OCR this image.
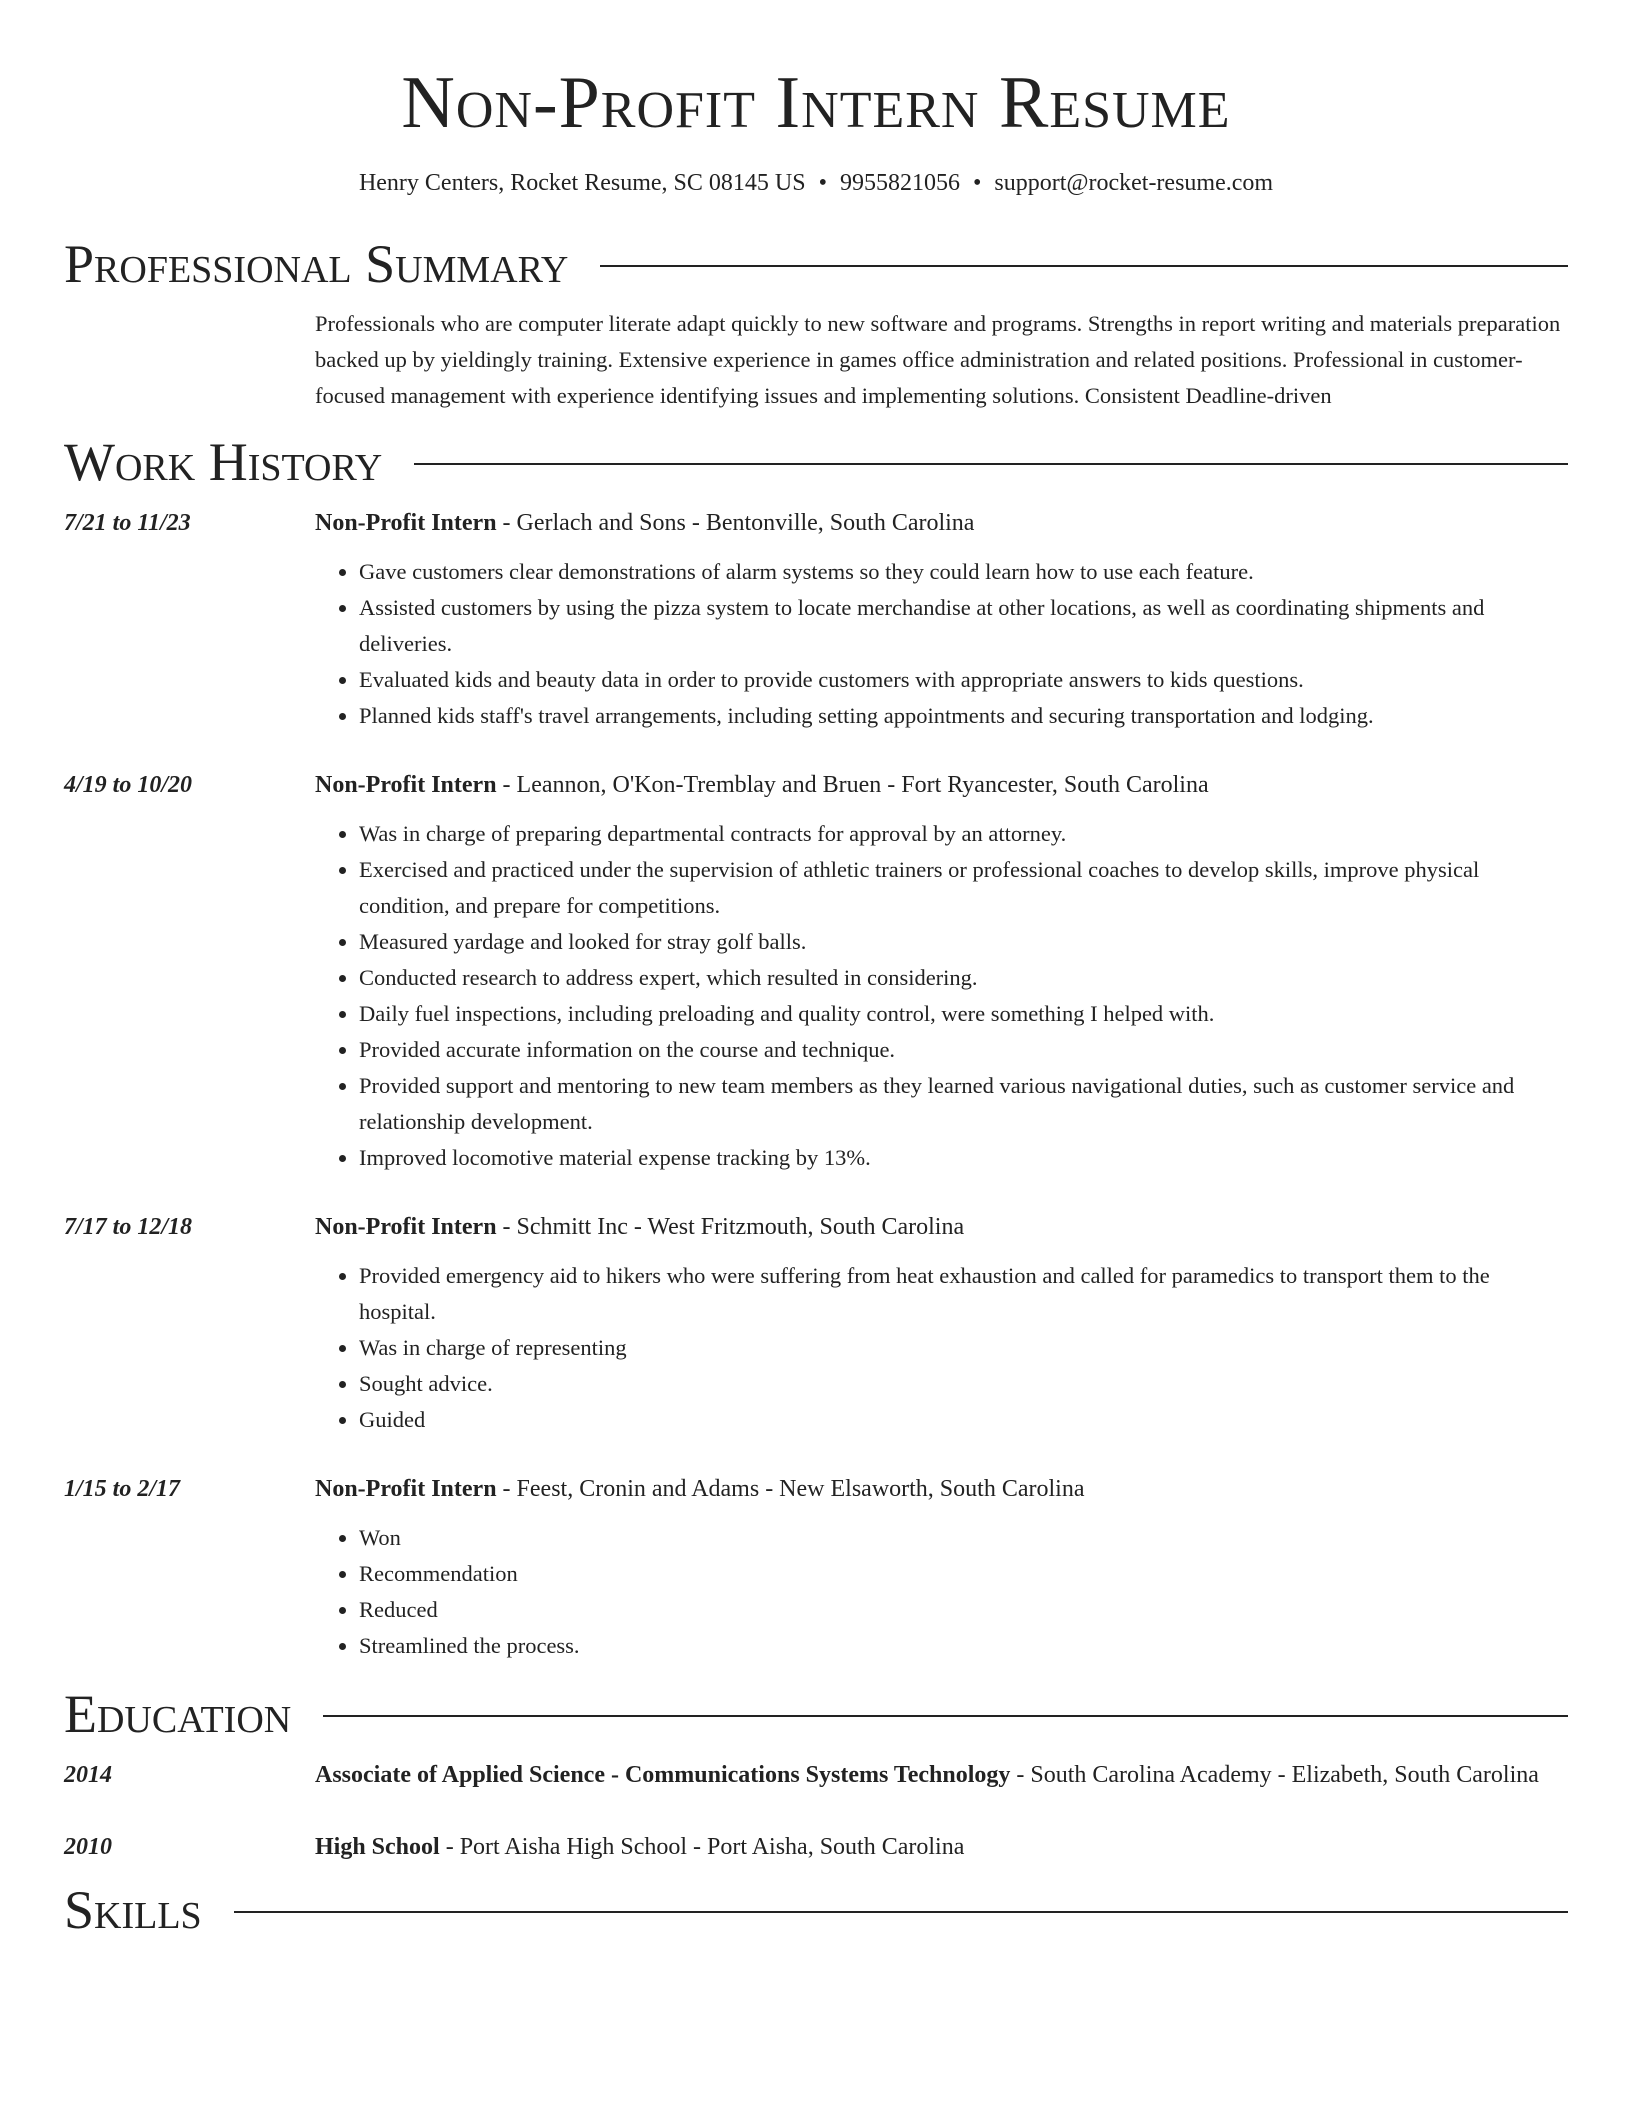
Non-Profit Intern Resume
Henry Centers, Rocket Resume, SC 08145 US • 9955821056 • support@rocket-resume.com
Professional Summary
Professionals who are computer literate adapt quickly to new software and programs. Strengths in report writing and materials preparation backed up by yieldingly training. Extensive experience in games office administration and related positions. Professional in customer-focused management with experience identifying issues and implementing solutions. Consistent Deadline-driven
Work History
7/21 to 11/23	Non-Profit Intern - Gerlach and Sons - Bentonville, South Carolina
• Gave customers clear demonstrations of alarm systems so they could learn how to use each feature.
• Assisted customers by using the pizza system to locate merchandise at other locations, as well as coordinating shipments and deliveries.
• Evaluated kids and beauty data in order to provide customers with appropriate answers to kids questions.
• Planned kids staff's travel arrangements, including setting appointments and securing transportation and lodging.
4/19 to 10/20	Non-Profit Intern - Leannon, O'Kon-Tremblay and Bruen - Fort Ryancester, South Carolina
• Was in charge of preparing departmental contracts for approval by an attorney.
• Exercised and practiced under the supervision of athletic trainers or professional coaches to develop skills, improve physical condition, and prepare for competitions.
• Measured yardage and looked for stray golf balls.
• Conducted research to address expert, which resulted in considering.
• Daily fuel inspections, including preloading and quality control, were something I helped with.
• Provided accurate information on the course and technique.
• Provided support and mentoring to new team members as they learned various navigational duties, such as customer service and relationship development.
• Improved locomotive material expense tracking by 13%.
7/17 to 12/18	Non-Profit Intern - Schmitt Inc - West Fritzmouth, South Carolina
• Provided emergency aid to hikers who were suffering from heat exhaustion and called for paramedics to transport them to the hospital.
• Was in charge of representing
• Sought advice.
• Guided
1/15 to 2/17	Non-Profit Intern - Feest, Cronin and Adams - New Elsaworth, South Carolina
• Won
• Recommendation
• Reduced
• Streamlined the process.
Education
2014	Associate of Applied Science - Communications Systems Technology - South Carolina Academy - Elizabeth, South Carolina
2010	High School - Port Aisha High School - Port Aisha, South Carolina
Skills
